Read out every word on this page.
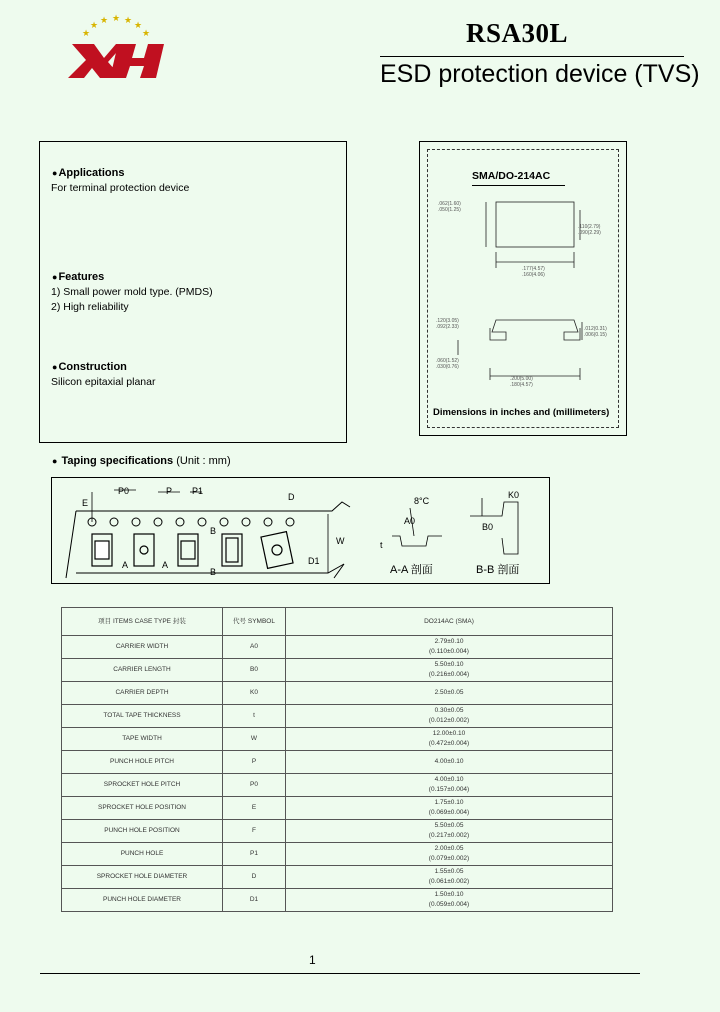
★
★ ★ ★ ★ ★
★	RSA30L
ESD protection device (TVS)
● Applications
For terminal protection device
● Features
1) Small power mold type. (PMDS)
2) High reliability
● Construction
Silicon epitaxial planar
SMA/DO-214AC
.062(1.60)
.050(1.25)
.110(2.79)
.090(2.29)
.177(4.57)
.160(4.06)
.120(3.05)
.092(2.33)	.012(0.31)
.006(0.15)
.060(1.52)
.030(0.76)
.200(5.00)
.180(4.57)
Dimensions in inches and (millimeters)
● Taping specifications (Unit : mm)
P0	P P1
D
E
W
D1
A	A
B
B
8°C
A0
t
K0
B0
A-A 剖面	B-B 剖面
项目 ITEMS CASE TYPE 封装	代号 SYMBOL	DO214AC (SMA)
CARRIER WIDTH	A0	2.79±0.10
(0.110±0.004)

CARRIER LENGTH	B0	5.50±0.10
(0.216±0.004)

CARRIER DEPTH	K0	2.50±0.05

TOTAL TAPE THICKNESS	t	0.30±0.05
(0.012±0.002)

TAPE WIDTH	W	12.00±0.10
(0.472±0.004)

PUNCH HOLE PITCH	P	4.00±0.10

SPROCKET HOLE PITCH	P0	4.00±0.10
(0.157±0.004)

SPROCKET HOLE POSITION	E	1.75±0.10
(0.069±0.004)

PUNCH HOLE POSITION	F	5.50±0.05
(0.217±0.002)

PUNCH HOLE	P1	2.00±0.05
(0.079±0.002)

SPROCKET HOLE DIAMETER	D	1.55±0.05
(0.061±0.002)

PUNCH HOLE DIAMETER	D1	1.50±0.10
(0.059±0.004)
1
